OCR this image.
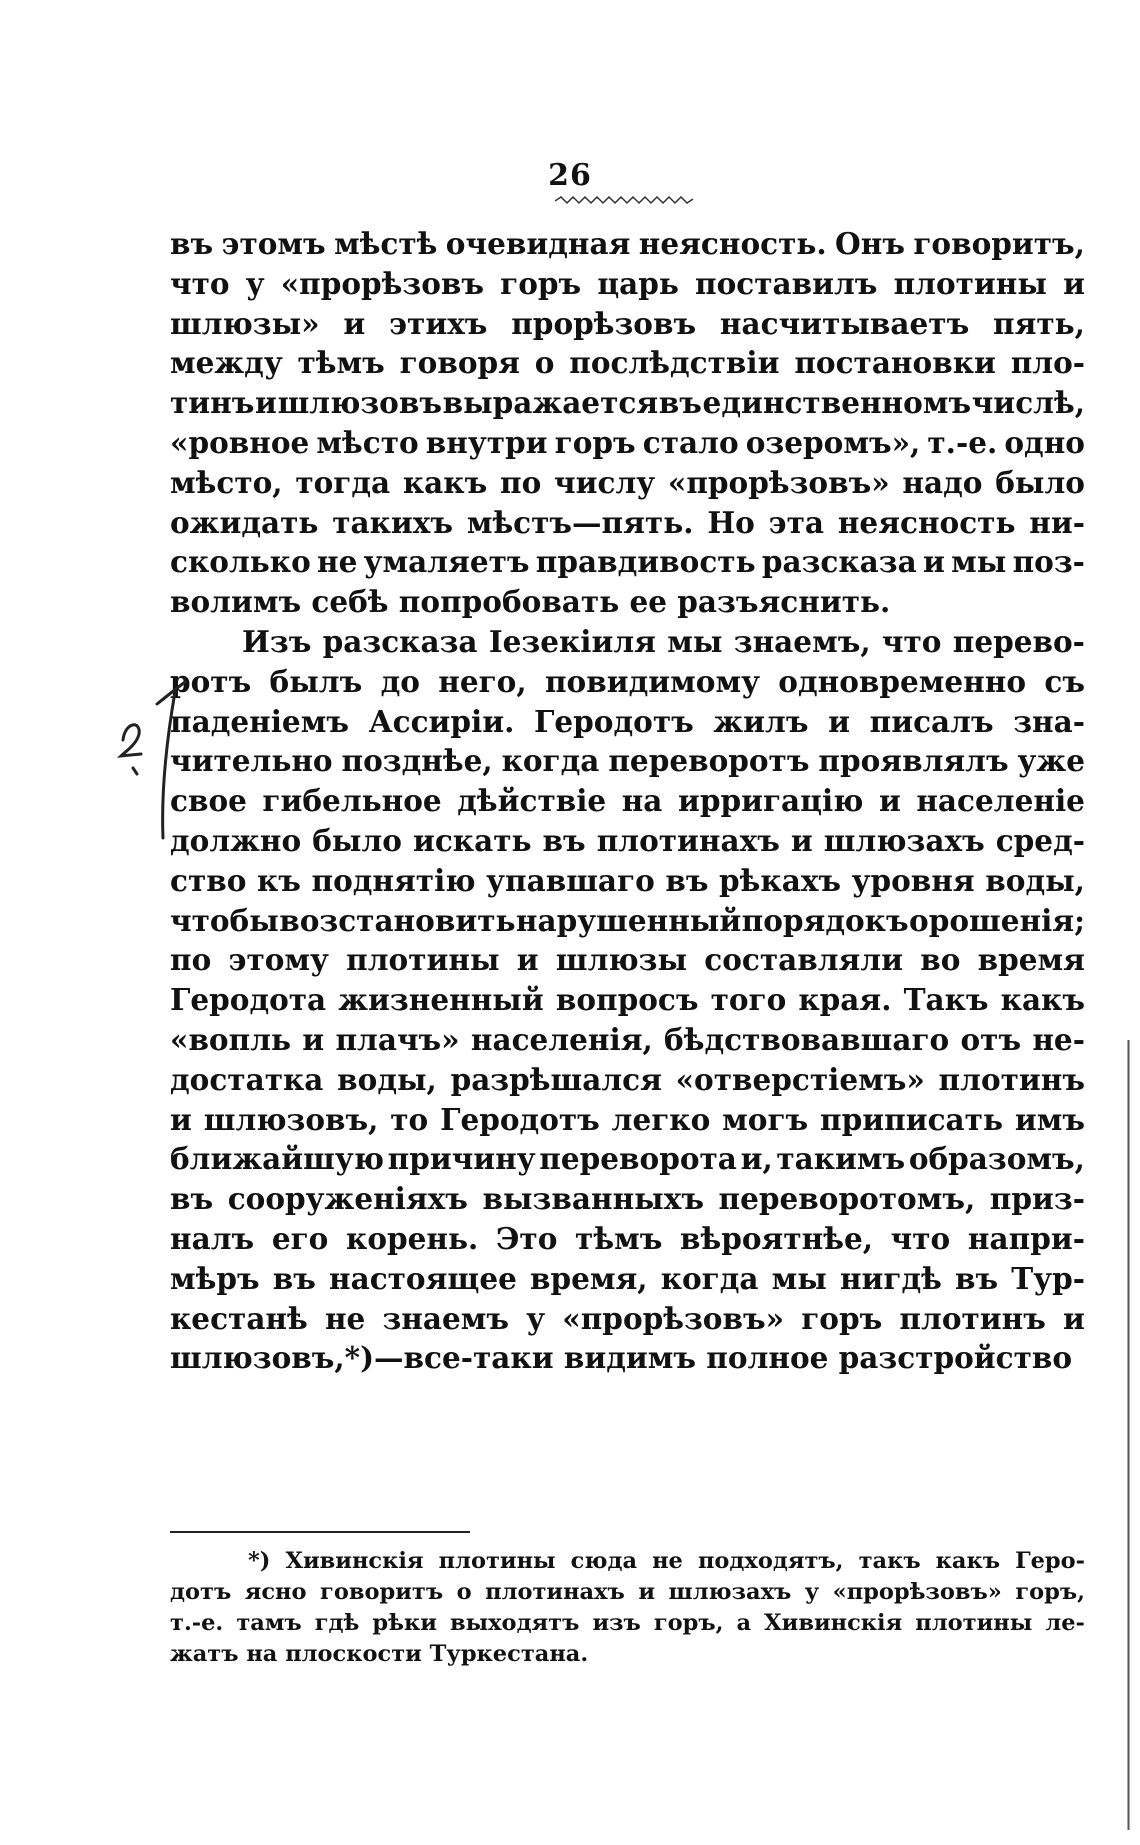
26
въ этомъ мѣстѣ очевидная неясность. Онъ говоритъ,
что у «прорѣзовъ горъ царь поставилъ плотины и
шлюзы» и этихъ прорѣзовъ насчитываетъ пять,
между тѣмъ говоря о послѣдствіи постановки пло-
тинъ и шлюзовъ выражается въ единственномъ числѣ,
«ровное мѣсто внутри горъ стало озеромъ», т.-е. одно
мѣсто, тогда какъ по числу «прорѣзовъ» надо было
ожидать такихъ мѣстъ—пять. Но эта неясность ни-
сколько не умаляетъ правдивость разсказа и мы поз-
волимъ себѣ попробовать ее разъяснить.
Изъ разсказа Іезекіиля мы знаемъ, что перево-
ротъ былъ до него, повидимому одновременно съ
паденіемъ Ассиріи. Геродотъ жилъ и писалъ зна-
чительно позднѣе, когда переворотъ проявлялъ уже
свое гибельное дѣйствіе на ирригацію и населеніе
должно было искать въ плотинахъ и шлюзахъ сред-
ство къ поднятію упавшаго въ рѣкахъ уровня воды,
чтобы возстановить нарушенный порядокъ орошенія;
по этому плотины и шлюзы составляли во время
Геродота жизненный вопросъ того края. Такъ какъ
«вопль и плачъ» населенія, бѣдствовавшаго отъ не-
достатка воды, разрѣшался «отверстіемъ» плотинъ
и шлюзовъ, то Геродотъ легко могъ приписать имъ
ближайшую причину переворота и, такимъ образомъ,
въ сооруженіяхъ вызванныхъ переворотомъ, приз-
налъ его корень. Это тѣмъ вѣроятнѣе, что напри-
мѣръ въ настоящее время, когда мы нигдѣ въ Тур-
кестанѣ не знаемъ у «прорѣзовъ» горъ плотинъ и
шлюзовъ,*)—все-таки видимъ полное разстройство
*) Хивинскія плотины сюда не подходятъ, такъ какъ Геро-
дотъ ясно говоритъ о плотинахъ и шлюзахъ у «прорѣзовъ» горъ,
т.-е. тамъ гдѣ рѣки выходятъ изъ горъ, а Хивинскія плотины ле-
жатъ на плоскости Туркестана.
